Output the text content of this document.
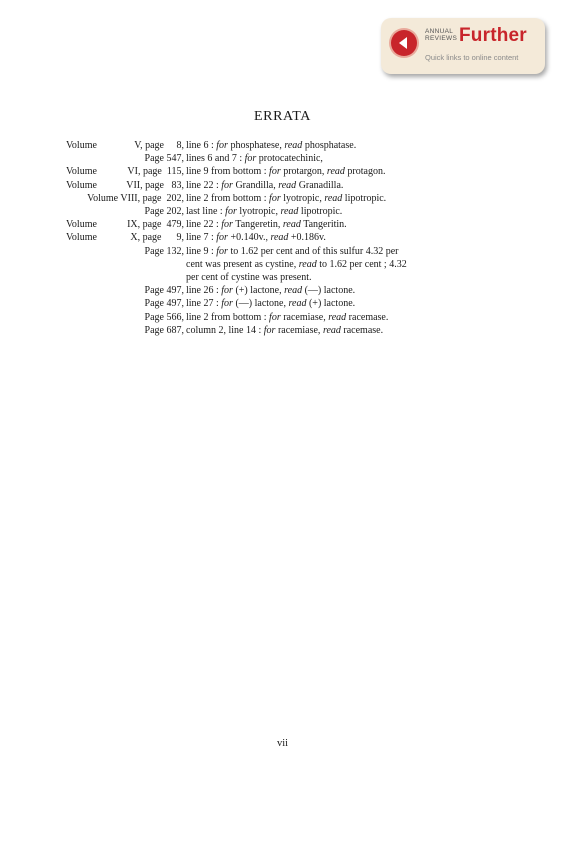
ANNUAL
REVIEWS Further
Quick links to online content
ERRATA
Volume	V, page 8, line 6 : for phosphatese, read phosphatase.
Page 547, lines 6 and 7 : for protocatechinic,
Volume	VI, page 115, line 9 from bottom : for protargon, read protagon.
Volume	VII, page 83, line 22 : for Grandilla, read Granadilla.
Volume VIII, page 202, line 2 from bottom : for lyotropic, read lipotropic.
Page 202, last line : for lyotropic, read lipotropic.
Volume	IX, page 479, line 22 : for Tangeretin, read Tangeritin.
Volume	X, page 9, line 7 : for +0.140v., read +0.186v.
Page 132, line 9 : for to 1.62 per cent and of this sulfur 4.32 per
cent was present as cystine, read to 1.62 per cent ; 4.32
per cent of cystine was present.
Page 497, line 26 : for (+) lactone, read (—) lactone.
Page 497, line 27 : for (—) lactone, read (+) lactone.
Page 566, line 2 from bottom : for racemiase, read racemase.
Page 687, column 2, line 14 : for racemiase, read racemase.
vii
